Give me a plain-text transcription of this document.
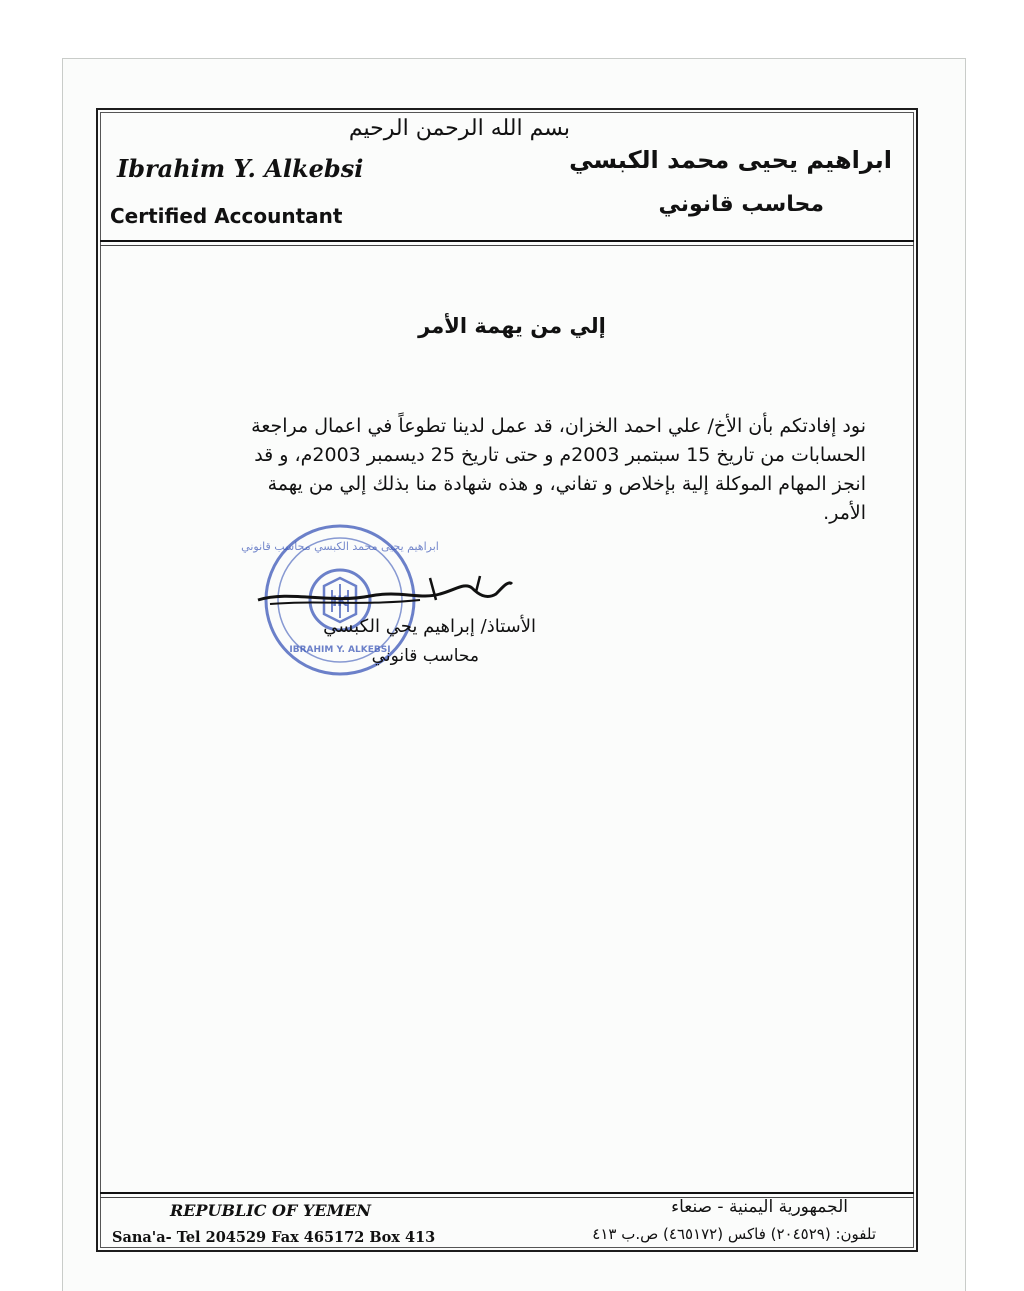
بسم الله الرحمن الرحيم
Ibrahim Y. Alkebsi
Certified Accountant
ابراهيم يحيى محمد الكبسي
محاسب قانوني
إلي من يهمة الأمر
نود إفادتكم بأن الأخ/ علي احمد الخزان، قد عمل لدينا تطوعاً في اعمال مراجعة الحسابات من تاريخ 15 سبتمبر 2003م و حتى تاريخ 25 ديسمبر 2003م، و قد انجز المهام الموكلة إلية بإخلاص و تفاني، و هذه شهادة منا بذلك إلي من يهمة الأمر.
ابراهيم يحيى محمد الكبسي محاسب قانوني
IBRAHIM Y. ALKEBSI
IK
الأستاذ/ إبراهيم يحي الكبسي
محاسب قانوني
REPUBLIC OF YEMEN
Sana'a- Tel 204529 Fax 465172 Box 413
الجمهورية اليمنية - صنعاء
تلفون: (٢٠٤٥٢٩) فاكس (٤٦٥١٧٢) ص.ب ٤١٣
